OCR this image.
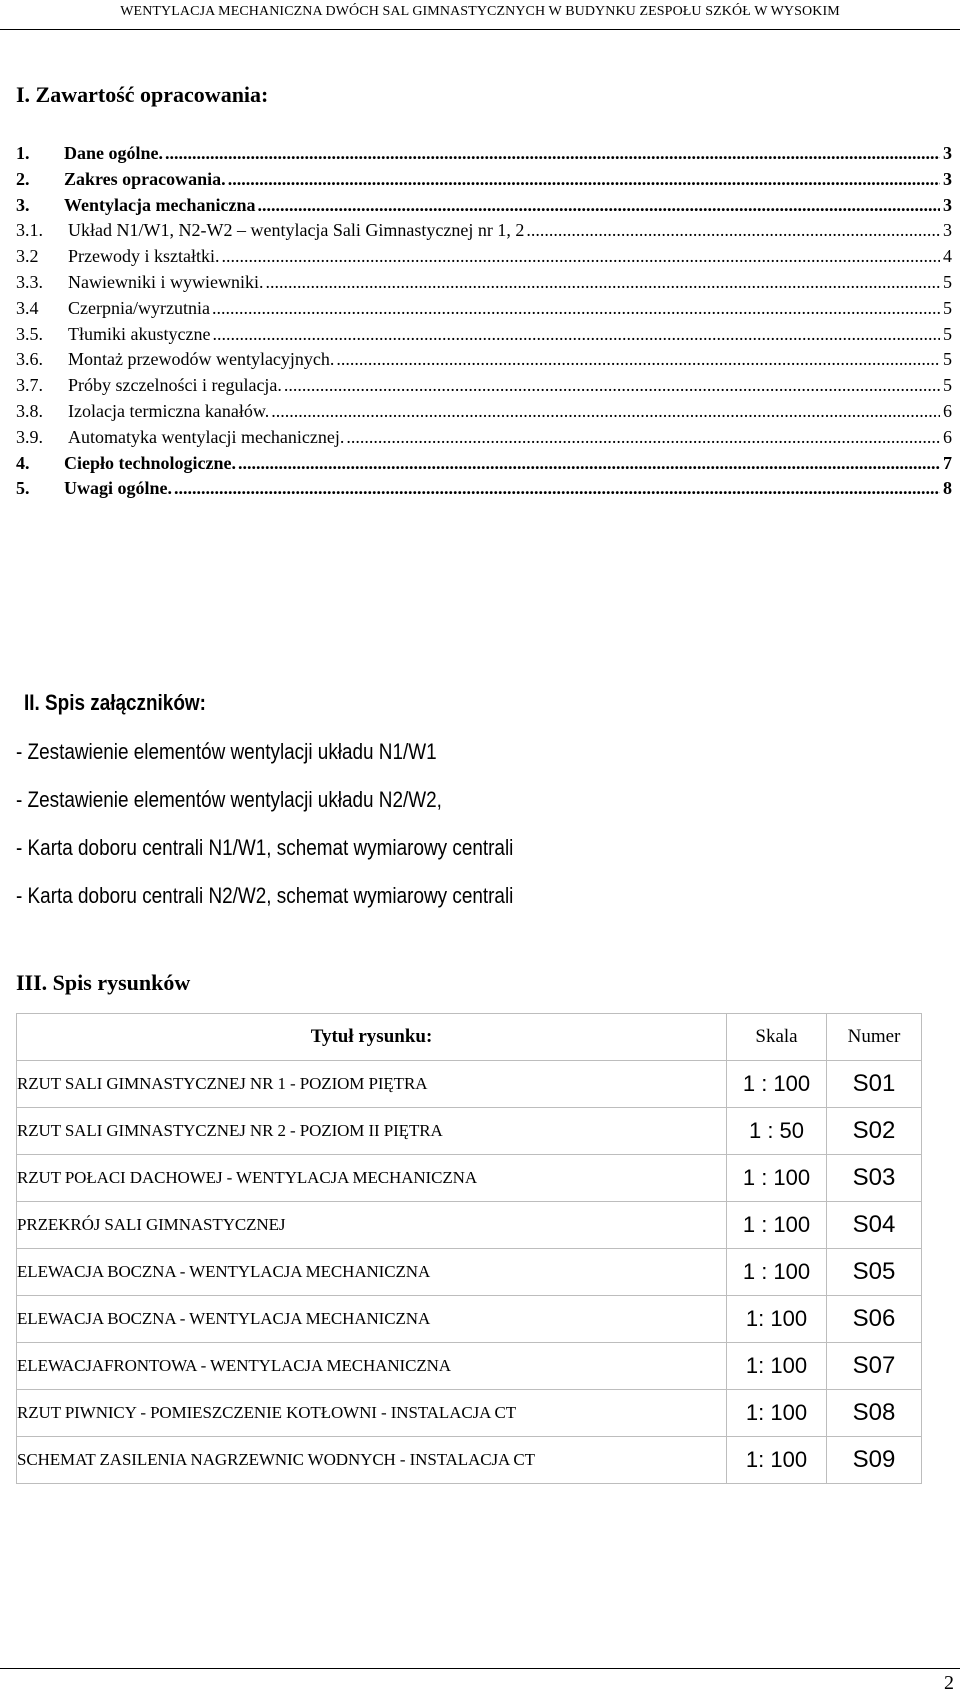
WENTYLACJA MECHANICZNA DWÓCH SAL GIMNASTYCZNYCH W BUDYNKU ZESPOŁU SZKÓŁ W WYSOKIM
I. Zawartość opracowania:
1.	Dane ogólne. .....	3
2.	Zakres opracowania. .....	3
3.	Wentylacja mechaniczna .....	3
3.1.	Układ N1/W1, N2-W2 – wentylacja Sali Gimnastycznej nr 1, 2 .....	3
3.2	Przewody i kształtki. .....	4
3.3.	Nawiewniki i wywiewniki. .....	5
3.4	Czerpnia/wyrzutnia .....	5
3.5.	Tłumiki akustyczne .....	5
3.6.	Montaż przewodów wentylacyjnych. .....	5
3.7.	Próby szczelności i regulacja. .....	5
3.8.	Izolacja termiczna kanałów. .....	6
3.9.	Automatyka wentylacji mechanicznej. .....	6
4.	Ciepło technologiczne. .....	7
5.	Uwagi ogólne. .....	8
II. Spis załączników:
- Zestawienie elementów wentylacji układu N1/W1
- Zestawienie elementów wentylacji układu N2/W2,
- Karta doboru centrali N1/W1, schemat wymiarowy centrali
- Karta doboru centrali N2/W2, schemat wymiarowy centrali
III. Spis rysunków
Tytuł rysunku:	Skala	Numer
RZUT SALI GIMNASTYCZNEJ NR 1 - POZIOM PIĘTRA	1 : 100	S01
RZUT SALI GIMNASTYCZNEJ NR 2 - POZIOM II PIĘTRA	1 : 50	S02
RZUT POŁACI DACHOWEJ - WENTYLACJA MECHANICZNA	1 : 100	S03
PRZEKRÓJ SALI GIMNASTYCZNEJ	1 : 100	S04
ELEWACJA BOCZNA - WENTYLACJA MECHANICZNA	1 : 100	S05
ELEWACJA BOCZNA - WENTYLACJA MECHANICZNA	1: 100	S06
ELEWACJAFRONTOWA - WENTYLACJA MECHANICZNA	1: 100	S07
RZUT PIWNICY - POMIESZCZENIE KOTŁOWNI - INSTALACJA CT	1: 100	S08
SCHEMAT ZASILENIA NAGRZEWNIC WODNYCH - INSTALACJA CT	1: 100	S09
2
